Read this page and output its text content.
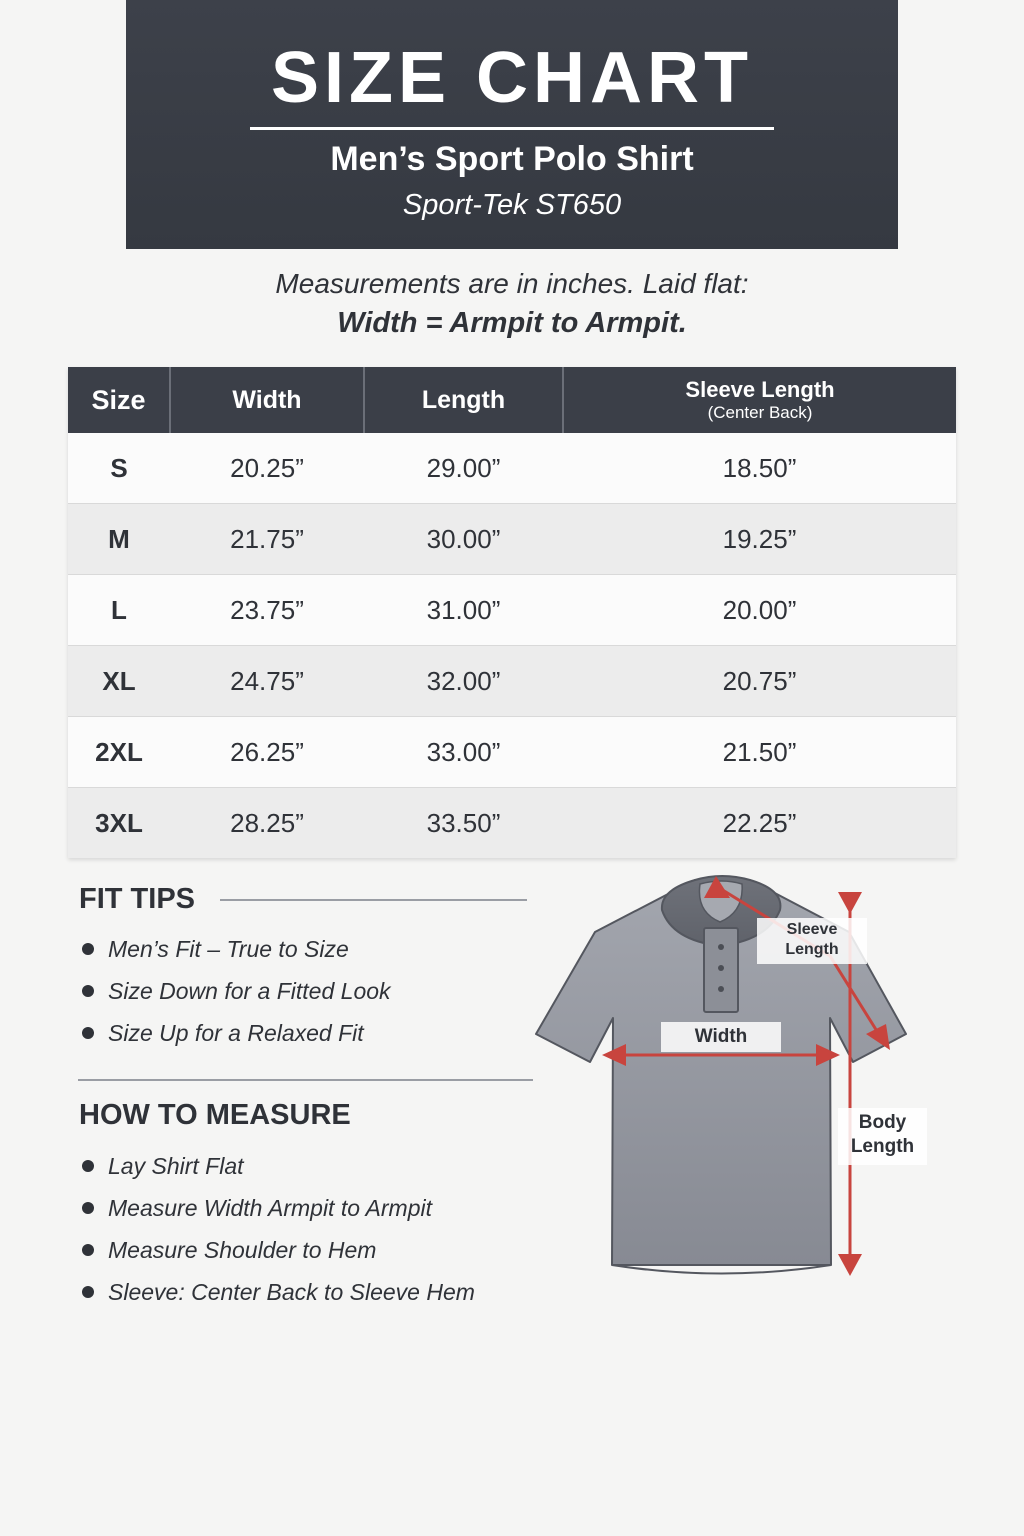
SIZE CHART
Men’s Sport Polo Shirt
Sport-Tek ST650
Measurements are in inches. Laid flat:
Width = Armpit to Armpit.
Size	Width	Length	Sleeve Length
(Center Back)

S	20.25”	29.00”	18.50”
M	21.75”	30.00”	19.25”
L	23.75”	31.00”	20.00”
XL	24.75”	32.00”	20.75”
2XL	26.25”	33.00”	21.50”
3XL	28.25”	33.50”	22.25”
FIT TIPS
Men’s Fit – True to Size
Size Down for a Fitted Look
Size Up for a Relaxed Fit
HOW TO MEASURE
Lay Shirt Flat
Measure Width Armpit to Armpit
Measure Shoulder to Hem
Sleeve: Center Back to Sleeve Hem
Width
Sleeve
Length
Body
Length
